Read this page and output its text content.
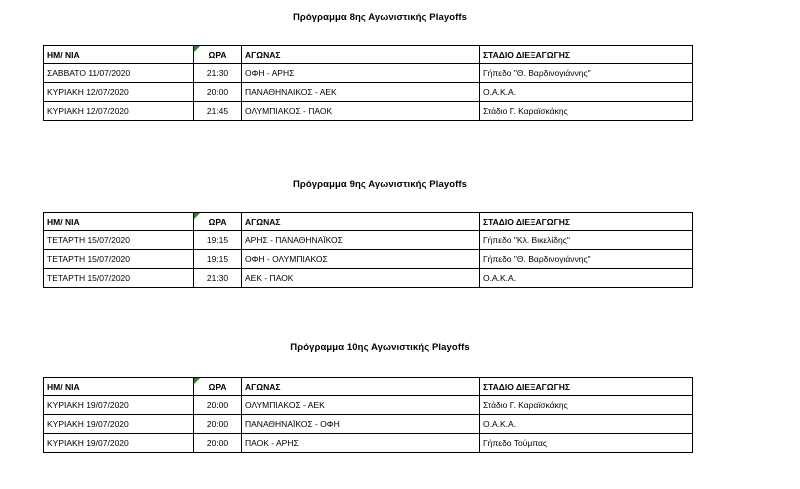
Πρόγραμμα 8ης Αγωνιστικής Playoffs
ΗΜ/ ΝΙΑ	ΩΡΑ	ΑΓΩΝΑΣ	ΣΤΑΔΙΟ ΔΙΕΞΑΓΩΓΗΣ
ΣΑΒΒΑΤΟ 11/07/2020	21:30	ΟΦΗ - ΑΡΗΣ	Γήπεδο "Θ. Βαρδινογιάννης"
ΚΥΡΙΑΚΗ 12/07/2020	20:00	ΠΑΝΑΘΗΝΑΙΚΟΣ - ΑΕΚ	Ο.Α.Κ.Α.
ΚΥΡΙΑΚΗ 12/07/2020	21:45	ΟΛΥΜΠΙΑΚΟΣ - ΠΑΟΚ	Στάδιο Γ. Καραϊσκάκης
Πρόγραμμα 9ης Αγωνιστικής Playoffs
ΗΜ/ ΝΙΑ	ΩΡΑ	ΑΓΩΝΑΣ	ΣΤΑΔΙΟ ΔΙΕΞΑΓΩΓΗΣ
ΤΕΤΑΡΤΗ 15/07/2020	19:15	ΑΡΗΣ - ΠΑΝΑΘΗΝΑΪΚΟΣ	Γήπεδο "Κλ. Βικελίδης"
ΤΕΤΑΡΤΗ 15/07/2020	19:15	ΟΦΗ - ΟΛΥΜΠΙΑΚΟΣ	Γήπεδο "Θ. Βαρδινογιάννης"
ΤΕΤΑΡΤΗ 15/07/2020	21:30	ΑΕΚ - ΠΑΟΚ	Ο.Α.Κ.Α.
Πρόγραμμα 10ης Αγωνιστικής Playoffs
ΗΜ/ ΝΙΑ	ΩΡΑ	ΑΓΩΝΑΣ	ΣΤΑΔΙΟ ΔΙΕΞΑΓΩΓΗΣ
ΚΥΡΙΑΚΗ 19/07/2020	20:00	ΟΛΥΜΠΙΑΚΟΣ - ΑΕΚ	Στάδιο Γ. Καραϊσκάκης
ΚΥΡΙΑΚΗ 19/07/2020	20:00	ΠΑΝΑΘΗΝΑΪΚΟΣ - ΟΦΗ	Ο.Α.Κ.Α.
ΚΥΡΙΑΚΗ 19/07/2020	20:00	ΠΑΟΚ - ΑΡΗΣ	Γήπεδο Τούμπας
